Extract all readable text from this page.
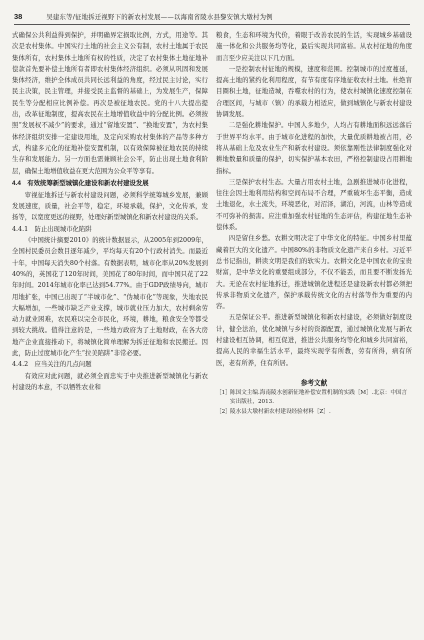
38	吴建东等/征地拆迁视野下的新农村发展——以海南省陵水县黎安镇大墩村为例

式确保公共利益得到保护，并明确界定损取比例，方式，用途等。其次是农村集体。中国实行土地的社会主义公有制，农村土地属于农民集体所有，农村集体土地所有权的性质，决定了农村集体土地征地补偿款首先要补偿土地所有者即农村集体经济组织。必须从巩固和发展集体经济，维护全体成员共同长远利益的角度，经过民主讨论，实行民主决策，民主管理，并接受民主监督的基础上，为发展生产，保障民生等分配相应比例补偿。再次是被征地农民。党的十八大提出提出，改革征地制度，提高农民在土地增值收益中的分配比例。必须按照“发展权不减少”的要求，通过“留地安置”、“换地安置”，为农村集体经济组织安排一定建设用地，及定向采购农村集体的产品等多种方式，构建多元化的征地补偿安置机制，以有效保障被征地农民的持续生存和发展能力。另一方面也需兼顾社会公平，防止出现土地食利阶层，确保土地增值收益在更大范围为公众平等享有。

4.4　有效统筹新型城镇化建设和新农村建设发展

审视征地拆迁与新农村建设问题，必须科学统筹城乡发展，兼顾发展速度，质量，社会平等，稳定，环境承载，保护，文化传承，发扬等，以宽度更远的视野，处理好新型城镇化和新农村建设的关系。

4.4.1　防止出现城市化陷阱

《中国统计摘要2010》的统计数据显示，从2005年到2009年，全国村民委员会数目逐年减少，平均每天有20个行政村消失。而最近十年，中国每天消失80个村落。有数据表明，城市化率从20%发展到40%的，英国花了120年时间，美国花了80年时间，而中国只花了22年时间。2014年城市化率已达到54.77%。由于GDP政绩导向，城市用地扩张，中国已出现了“半城市化”、“伪城市化”等现象，失地农民大幅增加，一些城市缺乏产业支撑，城市就业压力加大，农村剩余劳动力就业困难，农民难以完全市民化，环境，耕地，粮食安全等都受到较大挑战。值得注意的是，一些地方政府为了土地财政，在各大房地产企业直接推动下，将城镇化简单理解为拆迁征地和农民搬迁。因此，防止过度城市化产生“拉美陷阱”非常必要。

4.4.2　应当关注的几点问题

有效应对此问题，就必须全面忠实于中央推进新型城镇化与新农村建设的本意，不以牺牲农业和

粮食，生态和环境为代价，着眼于改善农民的生活，实现城乡基础设施一体化和公共服务均等化，最后实现共同富裕。从农村征地的角度而言至少应关注以下几方面。

一是控制农村征地的规模，速度和范围。控制城市的过度蔓延，提高土地的紧约化利用程度，有节有度有序地征收农村土地。杜绝盲目圈积土地，征地造城，吞噬农村的行为，使农村城镇化速度控制在合理区间，与城市（镇）的承载力相适应，做到城镇化与新农村建设协调发展。

二是强化耕地保护。中国人多地少，人均占有耕地面积远远落后于世界平均水平。由于城市化进程的加快，大量优质耕地被占用，必将从基础上危及农业生产和新农村建设。须依靠刚性法律制度强化对耕地数量和质量的保护，切实保护基本农田，严格控制建设占用耕地指标。

三是保护农村生态。大量占用农村土地，急剧推进城市化进程，往往会因土地利用结构和空间布局不合理，严重破坏生态平衡，造成土地退化，水土流失，环境恶化，对沼泽，湖泊，河流，山林等造成不可弥补的损害。应注重加强农村征地的生态评估，构建征地生态补偿体系。

四是留住乡愁。农耕文明决定了中华文化的特征。中国乡村里蕴藏着巨大的文化遗产。中国80%的非物质文化遗产来自乡村。习近平总书记指出，耕读文明是我们的软实力。农耕文化是中国农业的宝贵财富，是中华文化的重要组成部分，不仅不能丢，而且要不断发扬光大。无论在农村征地拆迁，推进城镇化进程还是建设新农村都必须把传承非物质文化遗产，保护承载传统文化的古村落等作为重要的内容。

五是保证公平。推进新型城镇化和新农村建设，必须做好制度设计，健全法治，优化城镇与乡村的资源配置，通过城镇化发展与新农村建设相互协调，相互促进，推进公共服务均等化和城乡共同富裕，提高人民的幸福生活水平，最终实现学有所教，劳有所得，病有所医，老有所养，住有所居。

参考文献
［1］ 陈国文主编.海南陵水创新征地补偿安置机制的实践［M］.北京：中国言实出版社，2013.
［2］ 陵水县大墩村新农村建设经验材料［Z］.
